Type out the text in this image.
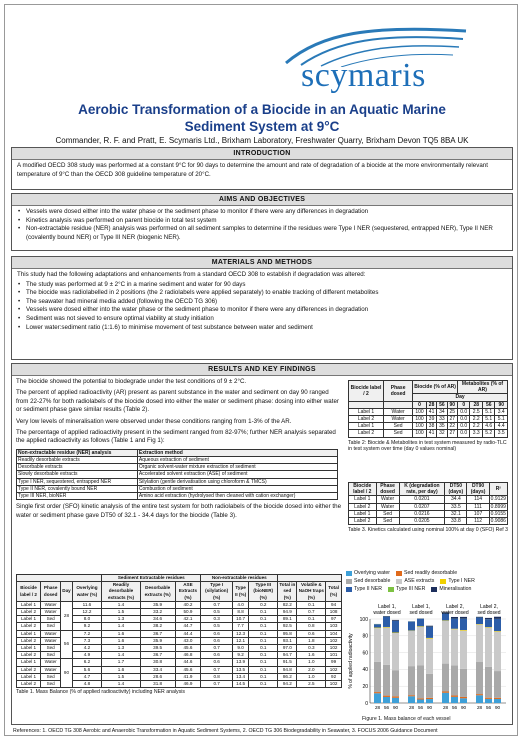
scymaris
Aerobic Transformation of a Biocide in an Aquatic Marine
Sediment System at 9°C
Commander, R. F. and Pratt, E. Scymaris Ltd., Brixham Laboratory, Freshwater Quarry, Brixham Devon TQ5 8BA UK
INTRODUCTION
A modified OECD 308 study was performed at a constant 9°C for 90 days to determine the amount and rate of degradation of a biocide at the more environmentally relevant temperature of 9°C than the OECD 308 guideline temperature of 20°C.
AIMS AND OBJECTIVES
• Vessels were dosed either into the water phase or the sediment phase to monitor if there were any differences in degradation
• Kinetics analysis was performed on parent biocide in total test system
• Non-extractable residue (NER) analysis was performed on all sediment samples to determine if the residues were Type I NER (sequestered, entrapped NER), Type II NER (covalently bound NER) or Type III NER (biogenic NER).
MATERIALS AND METHODS
This study had the following adaptations and enhancements from a standard OECD 308 to establish if degradation was altered:
• The study was performed at 9 ± 2°C in a marine sediment and water for 90 days
• The biocide was radiolabelled in 2 positions (the 2 radiolabels were applied separately) to enable tracking of different metabolites
• The seawater had mineral media added (following the OECD TG 306)
• Vessels were dosed either into the water phase or the sediment phase to monitor if there were any differences in degradation
• Sediment was not sieved to ensure optimal viability at study initiation
• Lower water:sediment ratio (1:1.6) to minimise movement of test substance between water and sediment
RESULTS AND KEY FINDINGS
The biocide showed the potential to biodegrade under the test conditions of 9 ± 2°C.
The percent of applied radioactivity (AR) present as parent substance in the water and sediment on day 90 ranged from 22-27% for both radiolabels of the biocide dosed into either the water or sediment phase: dosing into either water or sediment phase gave similar results (Table 2).
Very low levels of mineralisation were observed under these conditions ranging from 1-3% of the AR.
The percentage of applied radioactivity present in the sediment ranged from 82-97%; further NER analysis separated the applied radioactivity as follows (Table 1 and Fig 1):
Non-extractable residue (NER) analysis	Extraction method
Readily desorbable extracts	Aqueous extraction of sediment
Desorbable extracts	Organic solvent-water mixture extraction of sediment
Slowly desorbable extracts	Accelerated solvent extraction (ASE) of sediment
Type I NER, sequestered, entrapped NER	Silylation (gentle derivatisation using chloroform & TMCS)
Type II NER, covalently bound NER	Combustion of sediment
Type III NER, bioNER	Amino acid extraction (hydrolysed then cleaned with cation exchanger)
Single first order (SFO) kinetic analysis of the entire test system for both radiolabels of the biocide dosed into either the water or sediment phase gave DT50 of 32.1 - 34.4 days for the biocide (Table 3).
Biocide label / 2	Phase dosed	Biocide (% of AR)				Metabolites (% of AR)			
		Day							
		0	28	56	90	0	28	56	90
Label 1	Water	100	41	34	25	0.0	2.5	5.1	3.4
Label 2	Water	100	39	33	27	0.0	2.2	5.1	5.1
Label 1	Sed	100	38	35	22	0.0	2.2	4.6	4.4
Label 2	Sed	100	41	32	27	0.0	3.3	5.2	3.5
Table 2: Biocide & Metabolites in test system measured by radio-TLC in test system over time (day 0 values nominal)
Biocide label / 2	Phase dosed	K (degradation rate, per day)	DT50 (days)	DT90 (days)	R²
Label 1	Water	0.0201	34.4	114	0.9129
Label 2	Water	0.0207	33.5	111	0.8999
Label 1	Sed	0.0216	32.1	107	0.9155
Label 2	Sed	0.0205	33.8	112	0.9086
Table 3. Kinetics calculated using nominal 100% at day 0 (SFO) Ref 3
				Sediment Extractable residues			Non-extractable residues					
Biocide label / 2	Phase dosed	Day	Overlying water (%)	Readily desorbable extracts (%)	Desorbable extracts (%)	ASE Extracts (%)	Type I (silylation) (%)	Type II (%)	Type III (bioNER) (%)	Total in sed (%)	Volatile & NaOH traps (%)	Total (%)
Label 1	Water	28	11.6	1.4	35.9	40.2	0.7	4.0	0.2	82.2	0.1	94
Label 2	Water		12.2	1.5	33.2	50.9	0.5	8.8	0.1	94.9	0.7	108
Label 1	Sed		8.0	1.3	34.6	42.1	0.3	10.7	0.1	89.1	0.1	97
Label 2	Sed		9.2	1.4	38.2	44.7	0.5	7.7	0.1	92.5	0.8	103
Label 1	Water	56	7.2	1.6	36.7	44.4	0.6	12.3	0.1	95.8	0.6	104
Label 2	Water		7.3	1.6	35.9	43.0	0.6	12.1	0.1	93.1	1.8	102
Label 1	Sed		4.2	1.3	39.5	45.6	0.7	9.0	0.1	97.0	0.3	102
Label 2	Sed		4.9	1.4	36.7	46.8	0.6	9.2	0.1	94.7	1.6	101
Label 1	Water	90	6.2	1.7	30.8	44.6	0.6	13.9	0.1	91.5	1.0	99
Label 2	Water		5.6	1.6	33.4	45.6	0.7	13.5	0.1	94.8	2.0	102
Label 1	Sed		4.7	1.5	28.6	41.9	0.8	13.4	0.1	86.2	1.0	92
Label 2	Sed		4.8	1.4	31.8	46.9	0.7	14.5	0.1	94.2	2.5	102
Table 1. Mass Balance (% of applied radioactivity) including NER analysis
Overlying water	Sed readily desorbable
Sed desorbable	ASE extracts	Type I NER
Type II NER	Type III NER	Mineralisation
0
20
40
60
80
100
% of applied radioactivity
28 56 90 28 56 90 28 56 90 28 56 90
Label 1,
water dosed
Label 1,
sed dosed
Label 2,
water dosed
Label 2,
sed dosed
Figure 1. Mass balance of each vessel
References: 1. OECD TG 308 Aerobic and Anaerobic Transformation in Aquatic Sediment Systems, 2. OECD TG 306 Biodegradability in Seawater, 3. FOCUS 2006 Guidance Document
